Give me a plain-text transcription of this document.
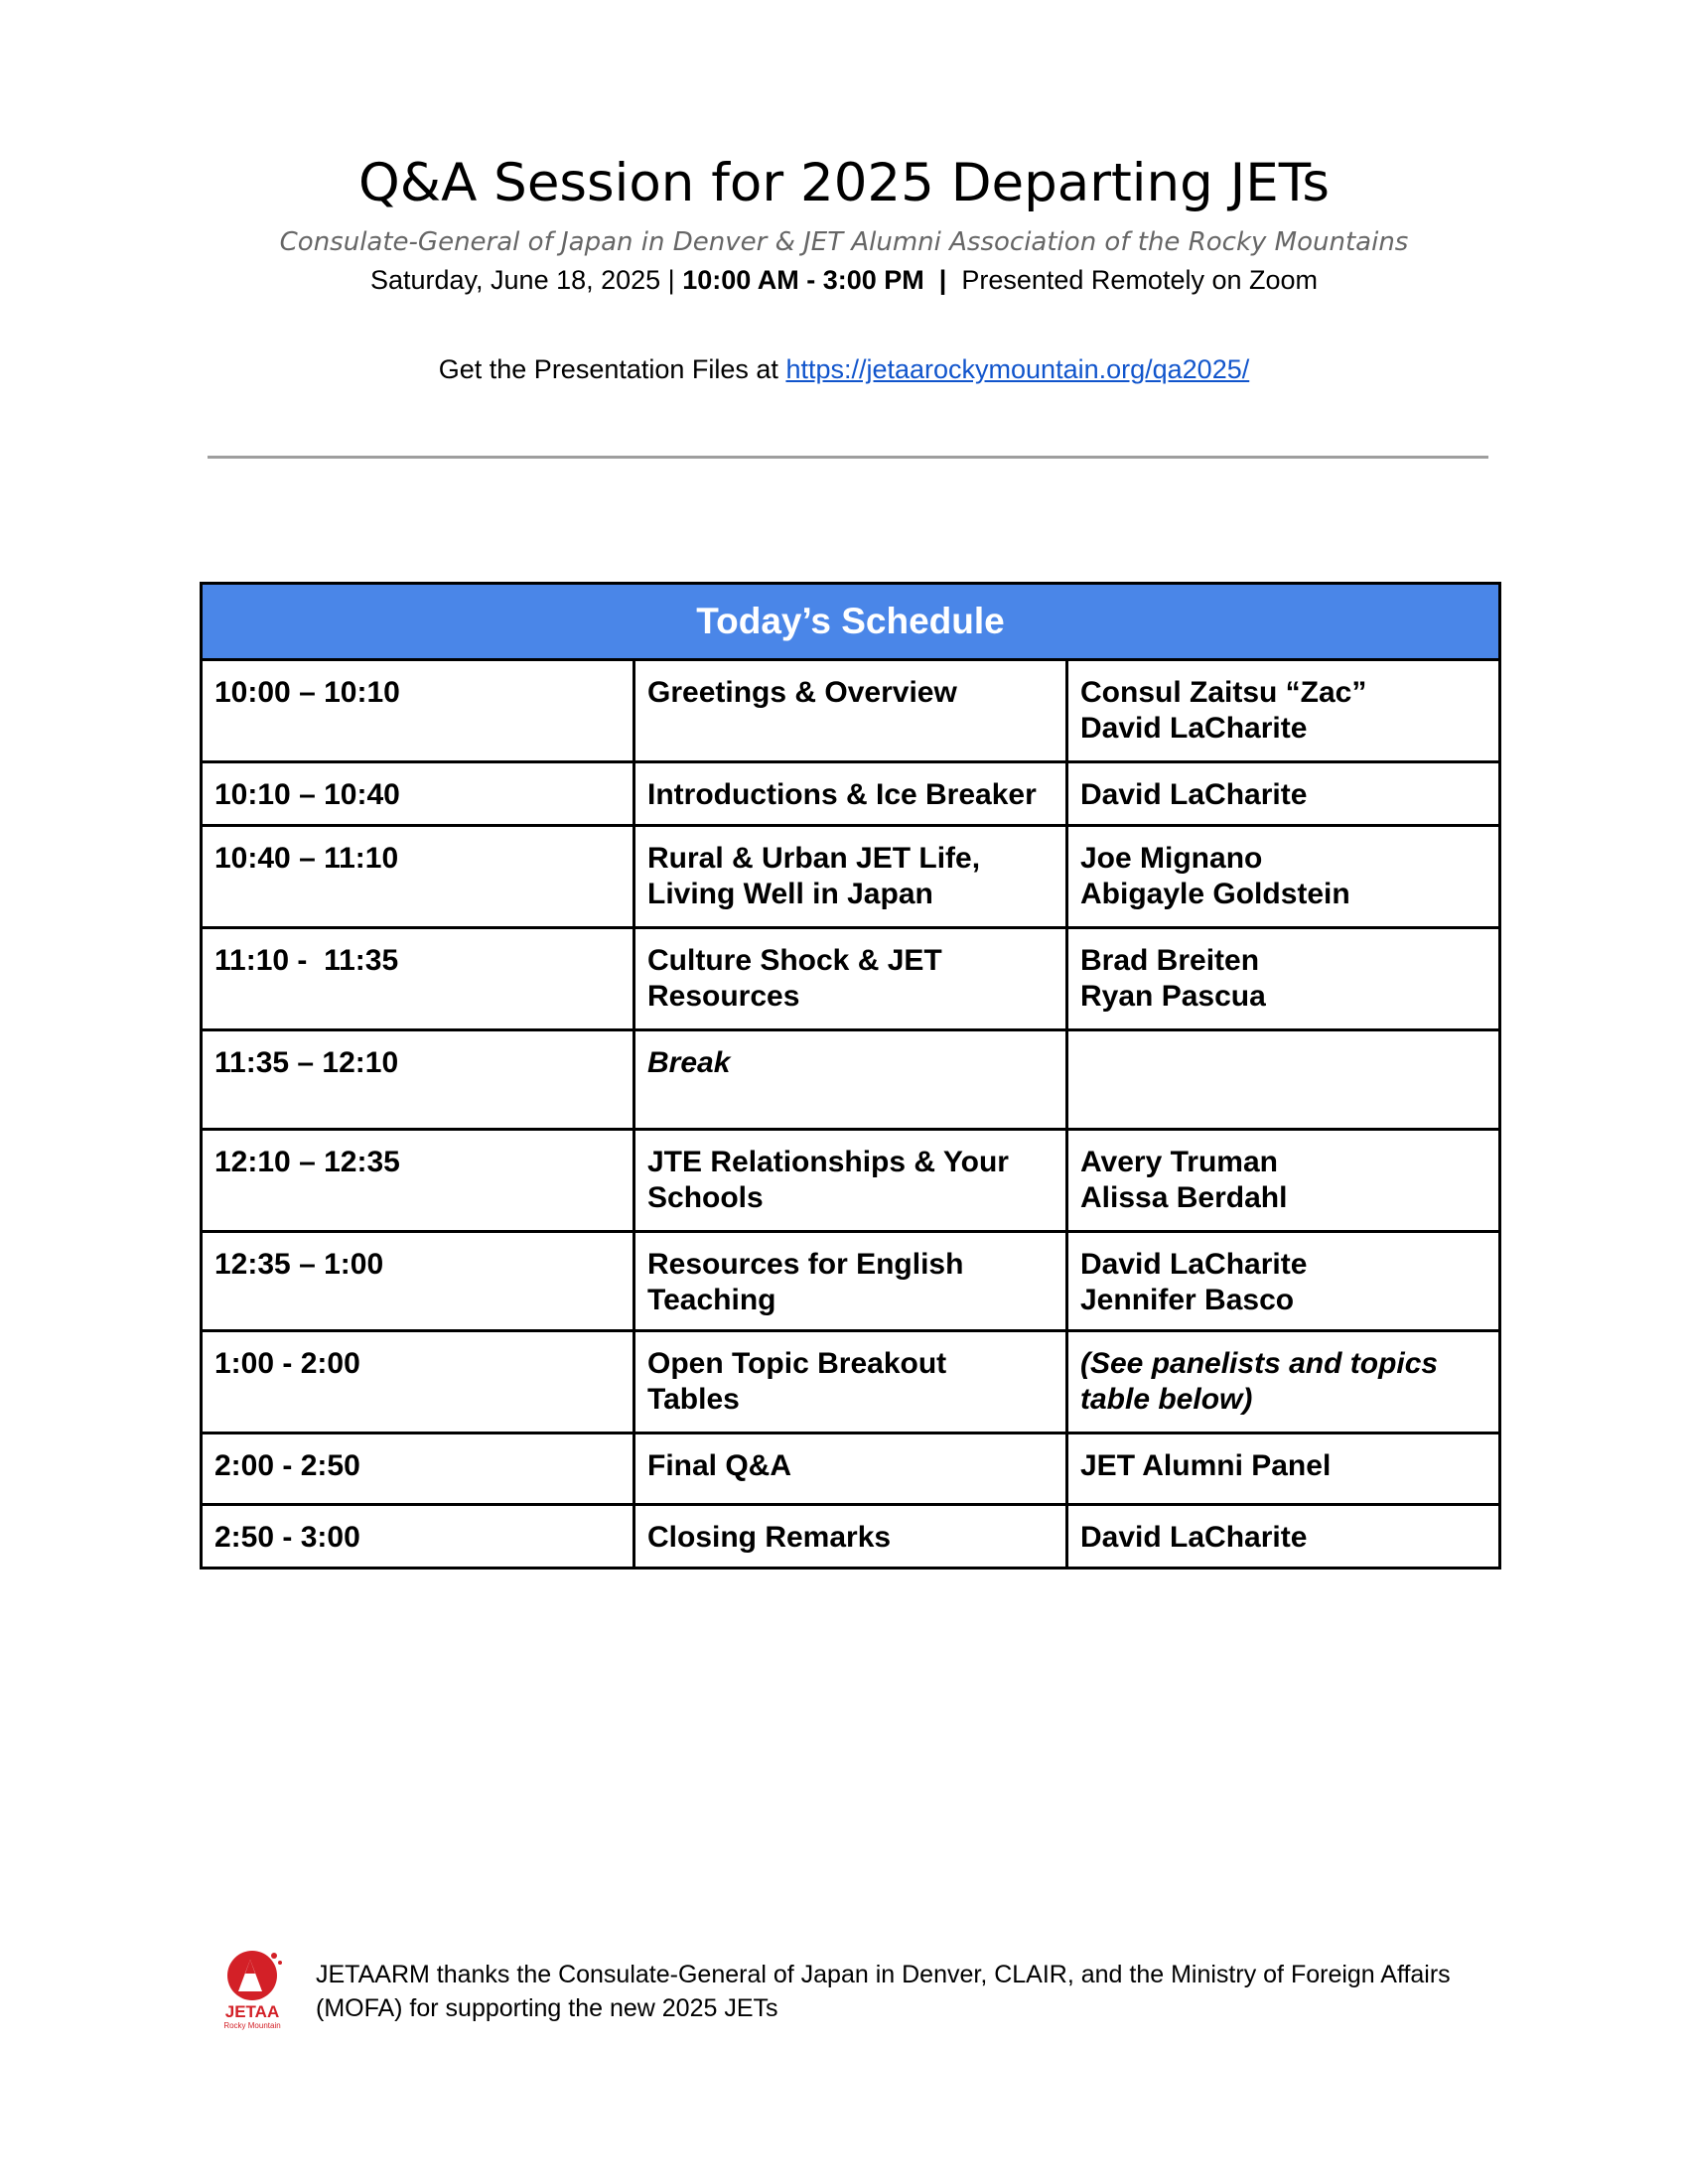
Q&A Session for 2025 Departing JETs
Consulate-General of Japan in Denver & JET Alumni Association of the Rocky Mountains
Saturday, June 18, 2025 | 10:00 AM - 3:00 PM  |  Presented Remotely on Zoom
Get the Presentation Files at https://jetaarockymountain.org/qa2025/
Today’s Schedule		
10:00 – 10:10	Greetings & Overview	Consul Zaitsu “Zac”
David LaCharite

10:10 – 10:40	Introductions & Ice Breaker	David LaCharite

10:40 – 11:10	Rural & Urban JET Life,
Living Well in Japan	Joe Mignano
Abigayle Goldstein

11:10 -  11:35	Culture Shock & JET
Resources	Brad Breiten
Ryan Pascua

11:35 – 12:10	Break	

12:10 – 12:35	JTE Relationships & Your
Schools	Avery Truman
Alissa Berdahl

12:35 – 1:00	Resources for English
Teaching	David LaCharite
Jennifer Basco

1:00 - 2:00	Open Topic Breakout
Tables	(See panelists and topics
table below)

2:00 - 2:50	Final Q&A	JET Alumni Panel

2:50 - 3:00	Closing Remarks	David LaCharite
JETAA
Rocky Mountain
JETAARM thanks the Consulate-General of Japan in Denver, CLAIR, and the Ministry of Foreign Affairs (MOFA) for supporting the new 2025 JETs
